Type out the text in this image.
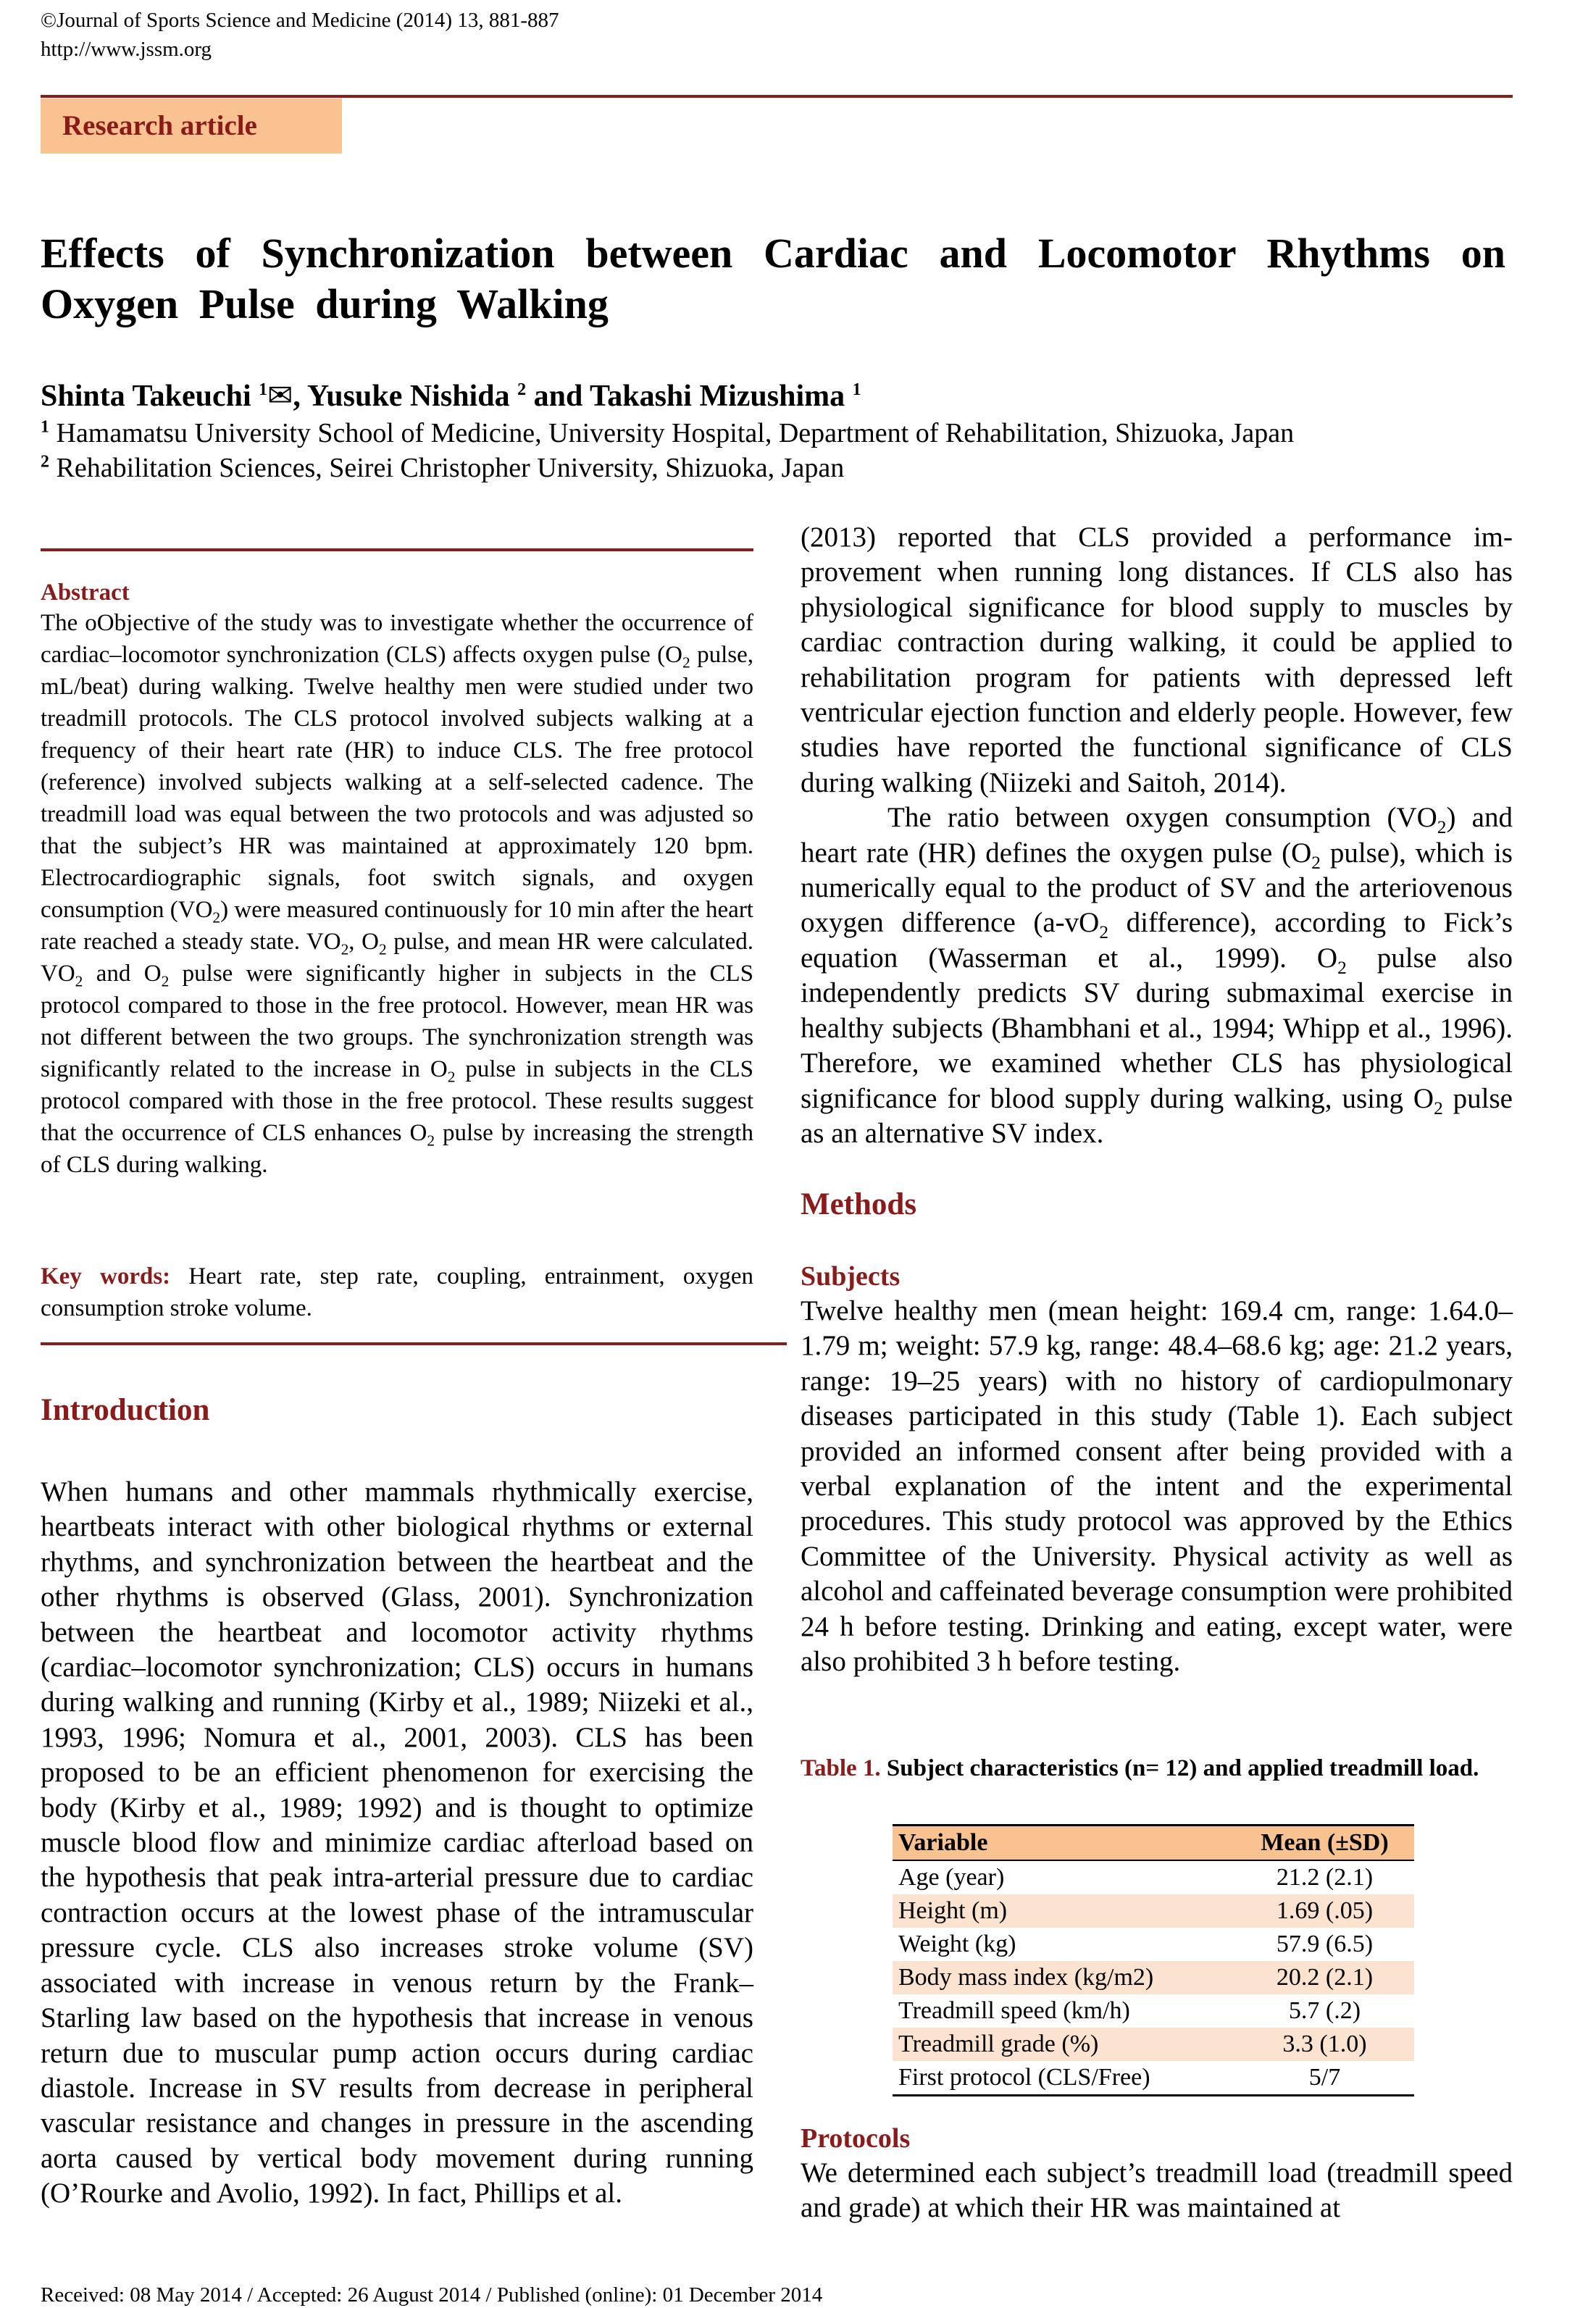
©Journal of Sports Science and Medicine (2014) 13, 881-887
http://www.jssm.org
Research article
Effects of Synchronization between Cardiac and Locomotor Rhythms on Oxygen Pulse during Walking
Shinta Takeuchi $^1$✉, Yusuke Nishida $^2$ and Takashi Mizushima $^1$
$^1$ Hamamatsu University School of Medicine, University Hospital, Department of Rehabilitation, Shizuoka, Japan
$^2$ Rehabilitation Sciences, Seirei Christopher University, Shizuoka, Japan
Abstract

The oObjective of the study was to investigate whether the occurrence of cardiac–locomotor synchronization (CLS) affects oxygen pulse ($O_2$ pulse, mL/beat) during walking. Twelve healthy men were studied under two treadmill protocols. The CLS protocol involved subjects walking at a frequency of their heart rate (HR) to induce CLS. The free protocol (reference) involved subjects walking at a self-selected cadence. The treadmill load was equal between the two protocols and was adjusted so that the subject’s HR was maintained at approximately 120 bpm. Electrocardiographic signals, foot switch signals, and oxygen consumption $(VO_2)$ were measured continuously for 10 min after the heart rate reached a steady state. $VO_2$, $O_2$ pulse, and mean HR were calculated. $VO_2$ and $O_2$ pulse were significantly higher in subjects in the CLS protocol compared to those in the free protocol. However, mean HR was not different between the two groups. The synchronization strength was significantly related to the increase in $O_2$ pulse in subjects in the CLS protocol compared with those in the free protocol. These results suggest that the occurrence of CLS enhances $O_2$ pulse by increasing the strength of CLS during walking.

Key words: Heart rate, step rate, coupling, entrainment, oxygen consumption stroke volume.

Introduction

When humans and other mammals rhythmically exercise, heartbeats interact with other biological rhythms or external rhythms, and synchronization between the heartbeat and the other rhythms is observed (Glass, 2001). Synchronization between the heartbeat and locomotor activity rhythms (cardiac–locomotor synchronization; CLS) occurs in humans during walking and running (Kirby et al., 1989; Niizeki et al., 1993, 1996; Nomura et al., 2001, 2003). CLS has been proposed to be an efficient phenomenon for exercising the body (Kirby et al., 1989; 1992) and is thought to optimize muscle blood flow and minimize cardiac afterload based on the hypothesis that peak intra-arterial pressure due to cardiac contraction occurs at the lowest phase of the intramuscular pressure cycle. CLS also increases stroke volume (SV) associated with increase in venous return by the Frank–Starling law based on the hypothesis that increase in venous return due to muscular pump action occurs during cardiac diastole. Increase in SV results from decrease in peripheral vascular resistance and changes in pressure in the ascending aorta caused by vertical body movement during running (O’Rourke and Avolio, 1992). In fact, Phillips et al.

(2013) reported that CLS provided a performance improvement when running long distances. If CLS also has physiological significance for blood supply to muscles by cardiac contraction during walking, it could be applied to rehabilitation program for patients with depressed left ventricular ejection function and elderly people. However, few studies have reported the functional significance of CLS during walking (Niizeki and Saitoh, 2014).

The ratio between oxygen consumption $(VO_2)$ and heart rate (HR) defines the oxygen pulse ($O_2$ pulse), which is numerically equal to the product of SV and the arteriovenous oxygen difference ($a-vO_2$ difference), according to Fick’s equation (Wasserman et al., 1999). $O_2$ pulse also independently predicts SV during submaximal exercise in healthy subjects (Bhambhani et al., 1994; Whipp et al., 1996). Therefore, we examined whether CLS has physiological significance for blood supply during walking, using $O_2$ pulse as an alternative SV index.

Methods
Subjects

Twelve healthy men (mean height: 169.4 cm, range: 1.64.0–1.79 m; weight: 57.9 kg, range: 48.4–68.6 kg; age: 21.2 years, range: 19–25 years) with no history of cardiopulmonary diseases participated in this study (Table 1). Each subject provided an informed consent after being provided with a verbal explanation of the intent and the experimental procedures. This study protocol was approved by the Ethics Committee of the University. Physical activity as well as alcohol and caffeinated beverage consumption were prohibited 24 h before testing. Drinking and eating, except water, were also prohibited 3 h before testing.

Table 1. Subject characteristics (n= 12) and applied treadmill load.
Variable	Mean (±SD)
Age (year)	21.2 (2.1)
Height (m)	1.69 (.05)
Weight (kg)	57.9 (6.5)
Body mass index (kg/m2)	20.2 (2.1)
Treadmill speed (km/h)	5.7 (.2)
Treadmill grade (%)	3.3 (1.0)
First protocol (CLS/Free)	5/7
Protocols

We determined each subject’s treadmill load (treadmill speed and grade) at which their HR was maintained at

Received: 08 May 2014 / Accepted: 26 August 2014 / Published (online): 01 December 2014
